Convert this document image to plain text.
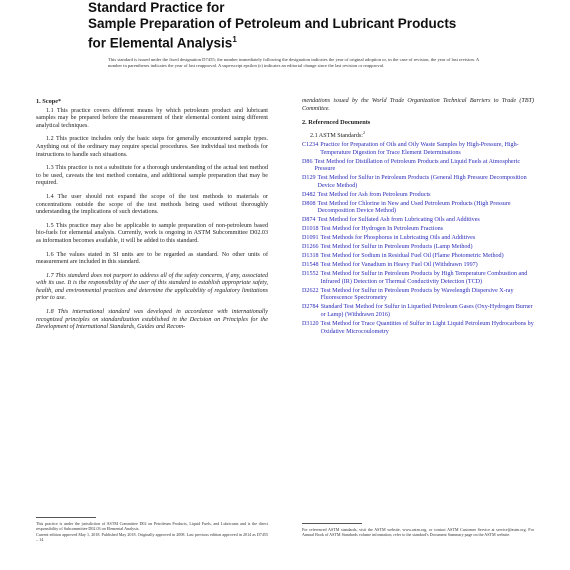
Standard Practice for
Sample Preparation of Petroleum and Lubricant Products
for Elemental Analysis$^1$
This standard is issued under the fixed designation D7455; the number immediately following the designation indicates the year of original adoption or, in the case of revision, the year of last revision. A number in parentheses indicates the year of last reapproval. A superscript epsilon (ε) indicates an editorial change since the last revision or reapproval.
1. Scope*

1.1 This practice covers different means by which petroleum product and lubricant samples may be prepared before the measurement of their elemental content using different analytical techniques.

1.2 This practice includes only the basic steps for generally encountered sample types. Anything out of the ordinary may require special procedures. See individual test methods for instructions to handle such situations.

1.3 This practice is not a substitute for a thorough understanding of the actual test method to be used, caveats the test method contains, and additional sample preparation that may be required.

1.4 The user should not expand the scope of the test methods to materials or concentrations outside the scope of the test methods being used without thoroughly understanding the implications of such deviations.

1.5 This practice may also be applicable to sample preparation of non-petroleum based bio-fuels for elemental analysis. Currently, work is ongoing in ASTM Subcommittee D02.03 as information becomes available, it will be added to this standard.

1.6 The values stated in SI units are to be regarded as standard. No other units of measurement are included in this standard.

1.7 This standard does not purport to address all of the safety concerns, if any, associated with its use. It is the responsibility of the user of this standard to establish appropriate safety, health, and environmental practices and determine the applicability of regulatory limitations prior to use.

1.8 This international standard was developed in accordance with internationally recognized principles on standardization established in the Decision on Principles for the Development of International Standards, Guides and Recom-

mendations issued by the World Trade Organization Technical Barriers to Trade (TBT) Committee.

2. Referenced Documents
2.1 ASTM Standards:$^2$
C1234 Practice for Preparation of Oils and Oily Waste Samples by High-Pressure, High-Temperature Digestion for Trace Element Determinations
D86 Test Method for Distillation of Petroleum Products and Liquid Fuels at Atmospheric Pressure
D129 Test Method for Sulfur in Petroleum Products (General High Pressure Decomposition Device Method)
D482 Test Method for Ash from Petroleum Products
D808 Test Method for Chlorine in New and Used Petroleum Products (High Pressure Decomposition Device Method)
D874 Test Method for Sulfated Ash from Lubricating Oils and Additives
D1018 Test Method for Hydrogen In Petroleum Fractions
D1091 Test Methods for Phosphorus in Lubricating Oils and Additives
D1266 Test Method for Sulfur in Petroleum Products (Lamp Method)
D1318 Test Method for Sodium in Residual Fuel Oil (Flame Photometric Method)
D1548 Test Method for Vanadium in Heavy Fuel Oil (Withdrawn 1997)
D1552 Test Method for Sulfur in Petroleum Products by High Temperature Combustion and Infrared (IR) Detection or Thermal Conductivity Detection (TCD)
D2622 Test Method for Sulfur in Petroleum Products by Wavelength Dispersive X-ray Fluorescence Spectrometry
D2784 Standard Test Method for Sulfur in Liquefied Petroleum Gases (Oxy-Hydrogen Burner or Lamp) (Withdrawn 2016)
D3120 Test Method for Trace Quantities of Sulfur in Light Liquid Petroleum Hydrocarbons by Oxidative Microcoulometry

This practice is under the jurisdiction of ASTM Committee D02 on Petroleum Products, Liquid Fuels, and Lubricants and is the direct responsibility of Subcommittee D02.03 on Elemental Analysis.

Current edition approved May 1, 2018. Published May 2018. Originally approved in 2008. Last previous edition approved in 2014 as D7455 – 14.

For referenced ASTM standards, visit the ASTM website, www.astm.org, or contact ASTM Customer Service at service@astm.org. For Annual Book of ASTM Standards volume information, refer to the standard's Document Summary page on the ASTM website.
